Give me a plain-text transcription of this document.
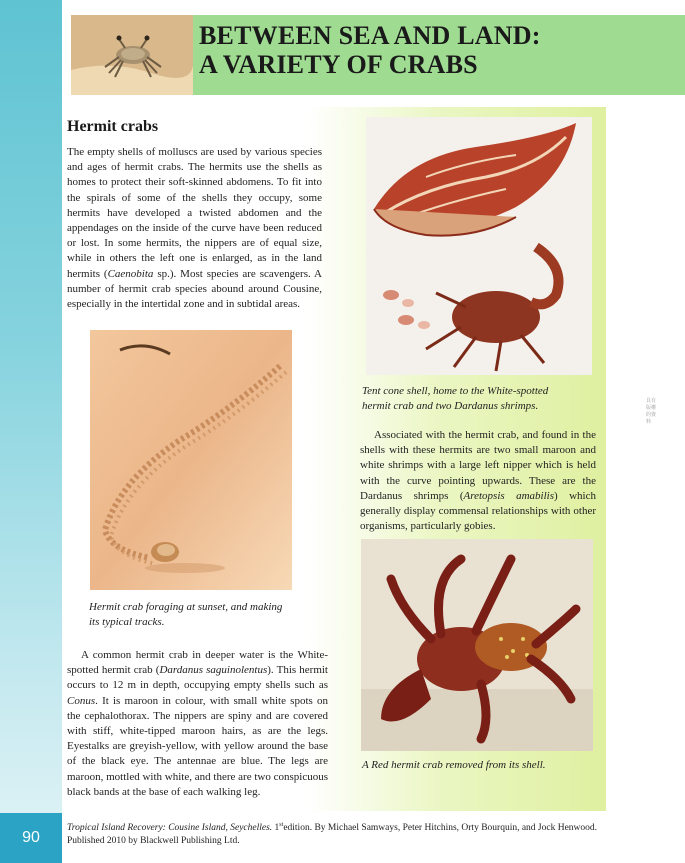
BETWEEN SEA AND LAND:
A VARIETY OF CRABS
Hermit crabs

The empty shells of molluscs are used by various species and ages of hermit crabs. The hermits use the shells as homes to protect their soft-skinned abdomens. To fit into the spirals of some of the shells they occupy, some hermits have developed a twisted abdomen and the appendages on the inside of the curve have been reduced or lost. In some hermits, the nippers are of equal size, while in others the left one is enlarged, as in the land hermits (Caenobita sp.). Most species are scavengers. A number of hermit crab species abound around Cousine, especially in the intertidal zone and in subtidal areas.

Tent cone shell, home to the White-spotted
hermit crab and two Dardanus shrimps.

Associated with the hermit crab, and found in the shells with these hermits are two small maroon and white shrimps with a large left nipper which is held with the curve pointing upwards. These are the Dardanus shrimps (Aretopsis amabilis) which generally display commensal relationships with other organisms, particularly gobies.

Hermit crab foraging at sunset, and making
its typical tracks.

A common hermit crab in deeper water is the White-spotted hermit crab (Dardanus saguinolentus). This hermit occurs to 12 m in depth, occupying empty shells such as Conus. It is maroon in colour, with small white spots on the cephalothorax. The nippers are spiny and are covered with stiff, white-tipped maroon hairs, as are the legs. Eyestalks are greyish-yellow, with yellow around the base of the black eye. The antennae are blue. The legs are maroon, mottled with white, and there are two conspicuous black bands at the base of each walking leg.

A Red hermit crab removed from its shell.

90

Tropical Island Recovery: Cousine Island, Seychelles. 1stedition. By Michael Samways, Peter Hitchins, Orty Bourquin, and Jock Henwood.

Published 2010 by Blackwell Publishing Ltd.

具有版權的資料
